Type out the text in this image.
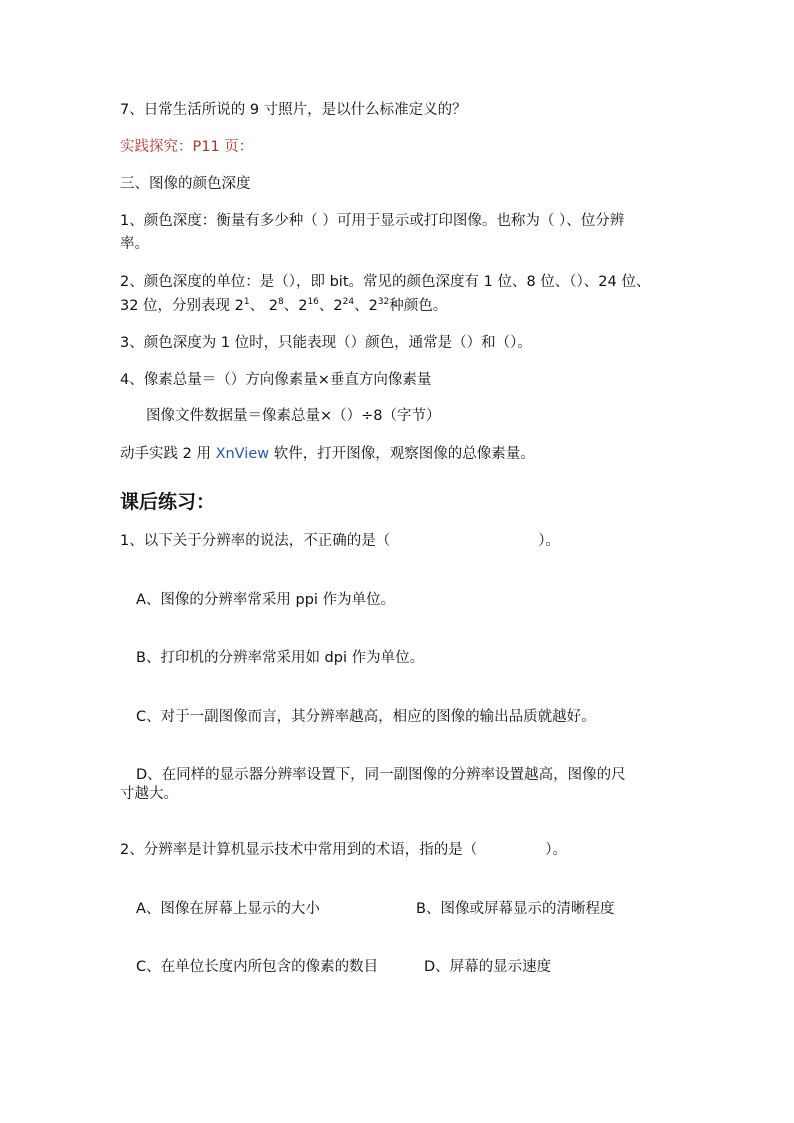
7、日常生活所说的 9 寸照片，是以什么标准定义的？
实践探究：P11 页：
三、图像的颜色深度
1、颜色深度：衡量有多少种（ ）可用于显示或打印图像。也称为（ ）、位分辨
率。
2、颜色深度的单位：是（），即 bit。常见的颜色深度有 1 位、8 位、（）、24 位、
32 位，分别表现 $2^1$、 $2^8$、$2^{16}$、$2^{24}$、$2^{32}$种颜色。
3、颜色深度为 1 位时，只能表现（）颜色，通常是（）和（）。
4、像素总量＝（）方向像素量×垂直方向像素量
图像文件数据量＝像素总量×（）÷8（字节）
动手实践 2 用 XnView 软件，打开图像，观察图像的总像素量。
课后练习：
1、以下关于分辨率的说法，不正确的是（	）。
A、图像的分辨率常采用 ppi 作为单位。
B、打印机的分辨率常采用如 dpi 作为单位。
C、对于一副图像而言，其分辨率越高，相应的图像的输出品质就越好。
D、在同样的显示器分辨率设置下，同一副图像的分辨率设置越高，图像的尺
寸越大。
2、分辨率是计算机显示技术中常用到的术语，指的是（	）。
A、图像在屏幕上显示的大小	B、图像或屏幕显示的清晰程度
C、在单位长度内所包含的像素的数目	D、屏幕的显示速度
